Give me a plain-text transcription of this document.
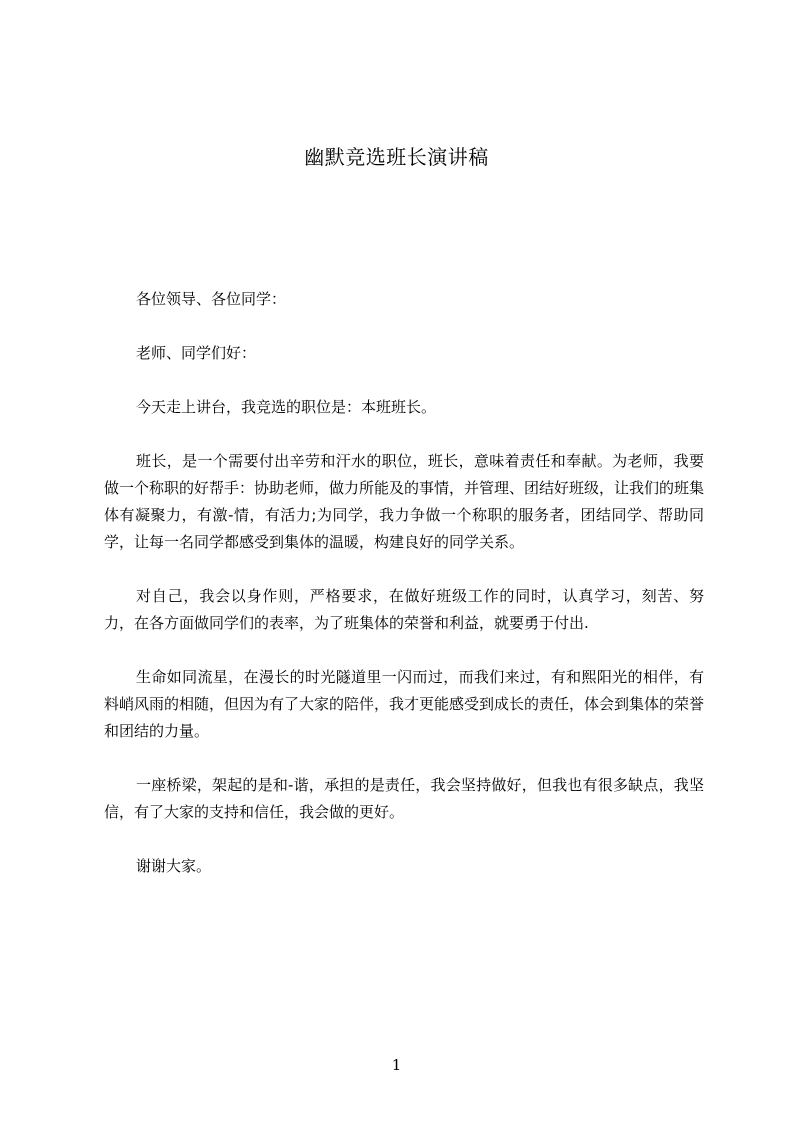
幽默竞选班长演讲稿

各位领导、各位同学：

老师、同学们好：

今天走上讲台，我竞选的职位是：本班班长。

班长，是一个需要付出辛劳和汗水的职位，班长，意味着责任和奉献。为老师，我要做一个称职的好帮手：协助老师，做力所能及的事情，并管理、团结好班级，让我们的班集体有凝聚力，有激-情，有活力;为同学，我力争做一个称职的服务者，团结同学、帮助同学，让每一名同学都感受到集体的温暖，构建良好的同学关系。

对自己，我会以身作则，严格要求，在做好班级工作的同时，认真学习，刻苦、努力，在各方面做同学们的表率，为了班集体的荣誉和利益，就要勇于付出.

生命如同流星，在漫长的时光隧道里一闪而过，而我们来过，有和熙阳光的相伴，有料峭风雨的相随，但因为有了大家的陪伴，我才更能感受到成长的责任，体会到集体的荣誉和团结的力量。

一座桥梁，架起的是和-谐，承担的是责任，我会坚持做好，但我也有很多缺点，我坚信，有了大家的支持和信任，我会做的更好。

谢谢大家。

1
